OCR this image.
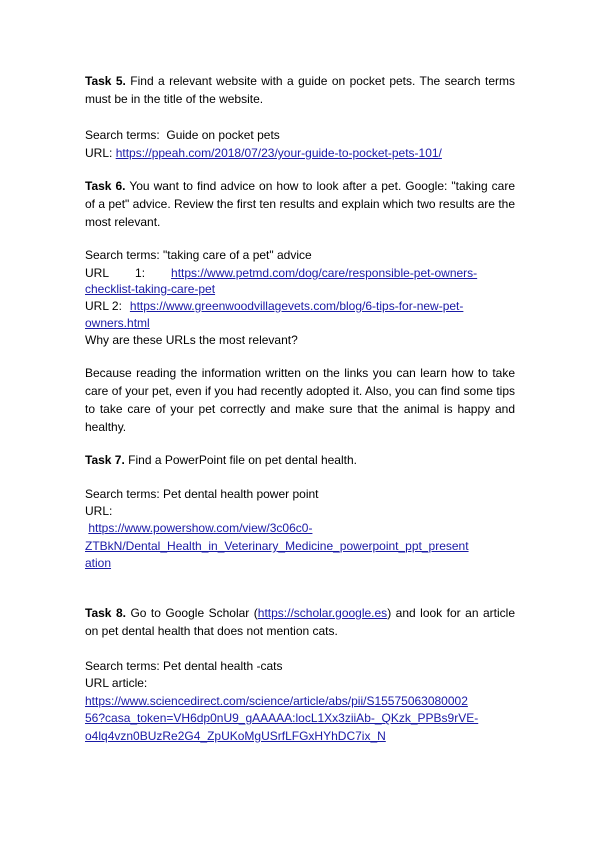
Task 5. Find a relevant website with a guide on pocket pets. The search terms must be in the title of the website.
Search terms: Guide on pocket pets
URL: https://ppeah.com/2018/07/23/your-guide-to-pocket-pets-101/
Task 6. You want to find advice on how to look after a pet. Google: "taking care of a pet" advice. Review the first ten results and explain which two results are the most relevant.
Search terms: "taking care of a pet" advice
URL 1: https://www.petmd.com/dog/care/responsible-pet-owners-
checklist-taking-care-pet
URL 2: https://www.greenwoodvillagevets.com/blog/6-tips-for-new-pet-
owners.html
Why are these URLs the most relevant?
Because reading the information written on the links you can learn how to take care of your pet, even if you had recently adopted it. Also, you can find some tips to take care of your pet correctly and make sure that the animal is happy and healthy.
Task 7. Find a PowerPoint file on pet dental health.
Search terms: Pet dental health power point
URL:
https://www.powershow.com/view/3c06c0-
ZTBkN/Dental_Health_in_Veterinary_Medicine_powerpoint_ppt_present
ation
Task 8. Go to Google Scholar (https://scholar.google.es) and look for an article on pet dental health that does not mention cats.
Search terms: Pet dental health -cats
URL article:
https://www.sciencedirect.com/science/article/abs/pii/S15575063080002
56?casa_token=VH6dp0nU9_gAAAAA:locL1Xx3ziiAb-_QKzk_PPBs9rVE-
o4lq4vzn0BUzRe2G4_ZpUKoMgUSrfLFGxHYhDC7ix_N
